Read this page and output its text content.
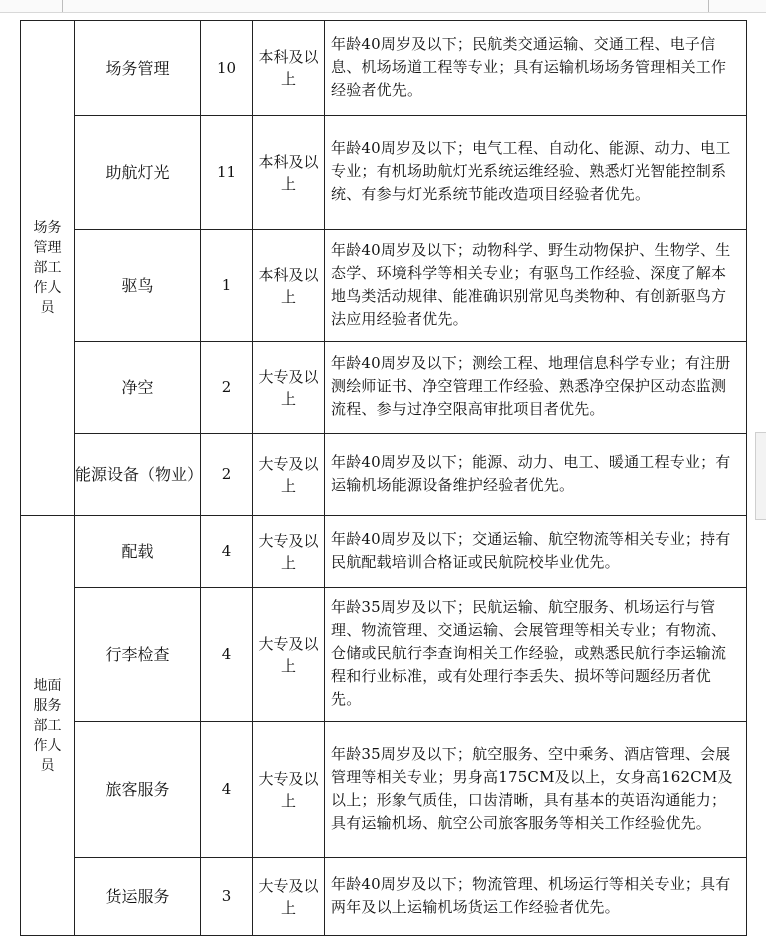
场务管理部工作人员	场务管理	10	本科及以上	年龄40周岁及以下；民航类交通运输、交通工程、电子信息、机场场道工程等专业；具有运输机场场务管理相关工作经验者优先。
	助航灯光	11	本科及以上	年龄40周岁及以下；电气工程、自动化、能源、动力、电工专业；有机场助航灯光系统运维经验、熟悉灯光智能控制系统、有参与灯光系统节能改造项目经验者优先。
	驱鸟	1	本科及以上	年龄40周岁及以下；动物科学、野生动物保护、生物学、生态学、环境科学等相关专业；有驱鸟工作经验、深度了解本地鸟类活动规律、能准确识别常见鸟类物种、有创新驱鸟方法应用经验者优先。
	净空	2	大专及以上	年龄40周岁及以下；测绘工程、地理信息科学专业；有注册测绘师证书、净空管理工作经验、熟悉净空保护区动态监测流程、参与过净空限高审批项目者优先。
	能源设备（物业）	2	大专及以上	年龄40周岁及以下；能源、动力、电工、暖通工程专业；有运输机场能源设备维护经验者优先。
地面服务部工作人员	配载	4	大专及以上	年龄40周岁及以下；交通运输、航空物流等相关专业；持有民航配载培训合格证或民航院校毕业优先。
	行李检查	4	大专及以上	年龄35周岁及以下；民航运输、航空服务、机场运行与管理、物流管理、交通运输、会展管理等相关专业；有物流、仓储或民航行李查询相关工作经验，或熟悉民航行李运输流程和行业标准，或有处理行李丢失、损坏等问题经历者优先。
	旅客服务	4	大专及以上	年龄35周岁及以下；航空服务、空中乘务、酒店管理、会展管理等相关专业；男身高175CM及以上，女身高162CM及以上；形象气质佳，口齿清晰，具有基本的英语沟通能力；具有运输机场、航空公司旅客服务等相关工作经验优先。
	货运服务	3	大专及以上	年龄40周岁及以下；物流管理、机场运行等相关专业；具有两年及以上运输机场货运工作经验者优先。
